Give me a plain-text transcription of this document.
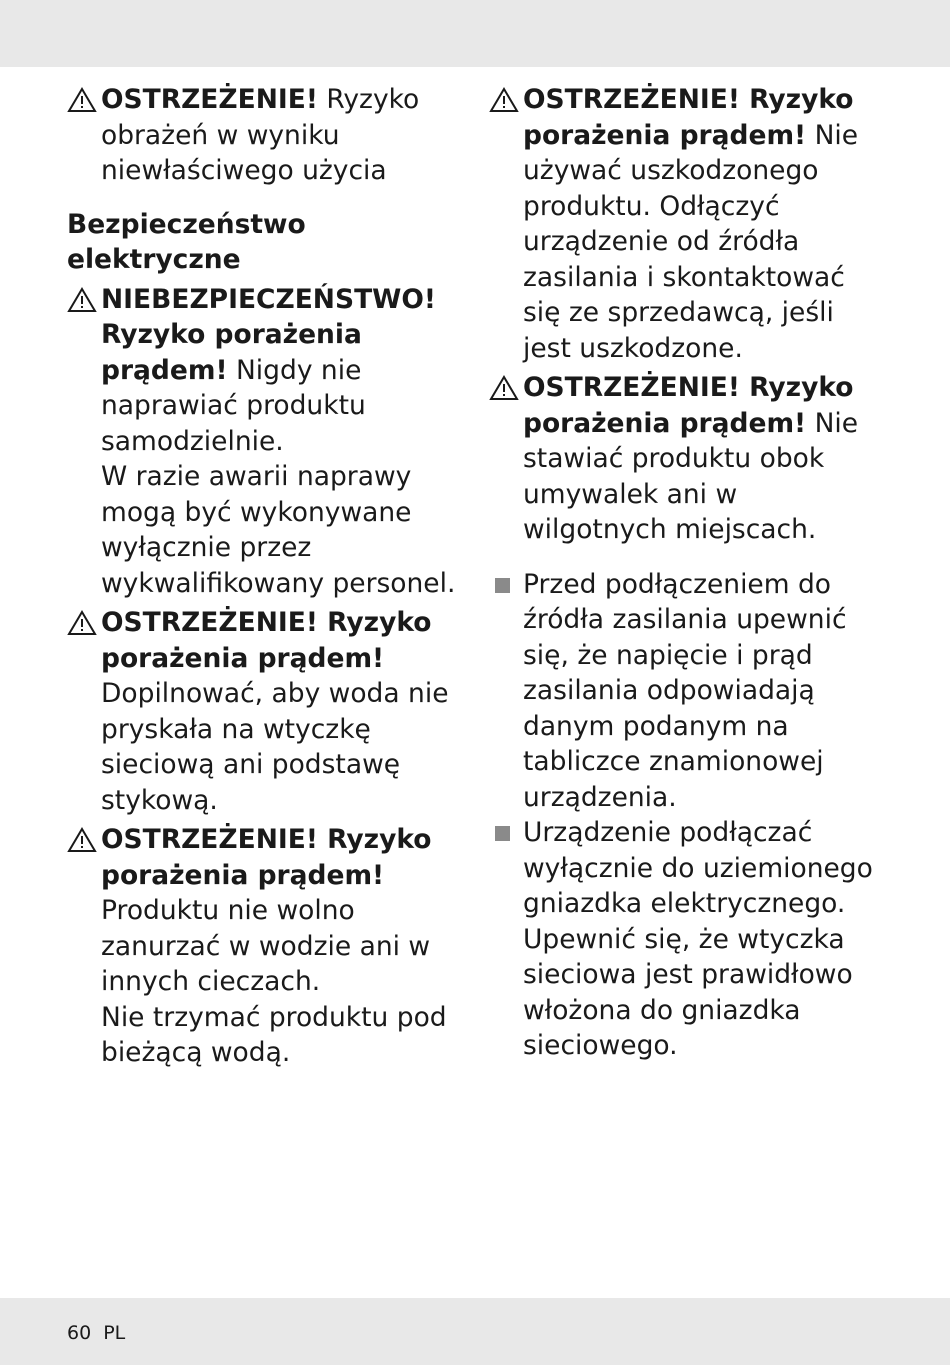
OSTRZEŻENIE! Ryzyko obrażeń w wyniku niewłaściwego użycia
Bezpieczeństwo elektryczne
NIEBEZPIECZEŃSTWO! Ryzyko porażenia prądem! Nigdy nie naprawiać produktu samodzielnie.
W razie awarii naprawy mogą być wykonywane wyłącznie przez wykwalifikowany personel.
OSTRZEŻENIE! Ryzyko porażenia prądem! Dopilnować, aby woda nie pryskała na wtyczkę sieciową ani podstawę stykową.
OSTRZEŻENIE! Ryzyko porażenia prądem! Produktu nie wolno zanurzać w wodzie ani w innych cieczach.
Nie trzymać produktu pod bieżącą wodą.
OSTRZEŻENIE! Ryzyko porażenia prądem! Nie używać uszkodzonego produktu. Odłączyć urządzenie od źródła zasilania i skontaktować się ze sprzedawcą, jeśli jest uszkodzone.
OSTRZEŻENIE! Ryzyko porażenia prądem! Nie stawiać produktu obok umywalek ani w wilgotnych miejscach.
Przed podłączeniem do źródła zasilania upewnić się, że napięcie i prąd zasilania odpowiadają danym podanym na tabliczce znamionowej urządzenia.
Urządzenie podłączać wyłącznie do uziemionego gniazdka elektrycznego. Upewnić się, że wtyczka sieciowa jest prawidłowo włożona do gniazdka sieciowego.
60 PL
